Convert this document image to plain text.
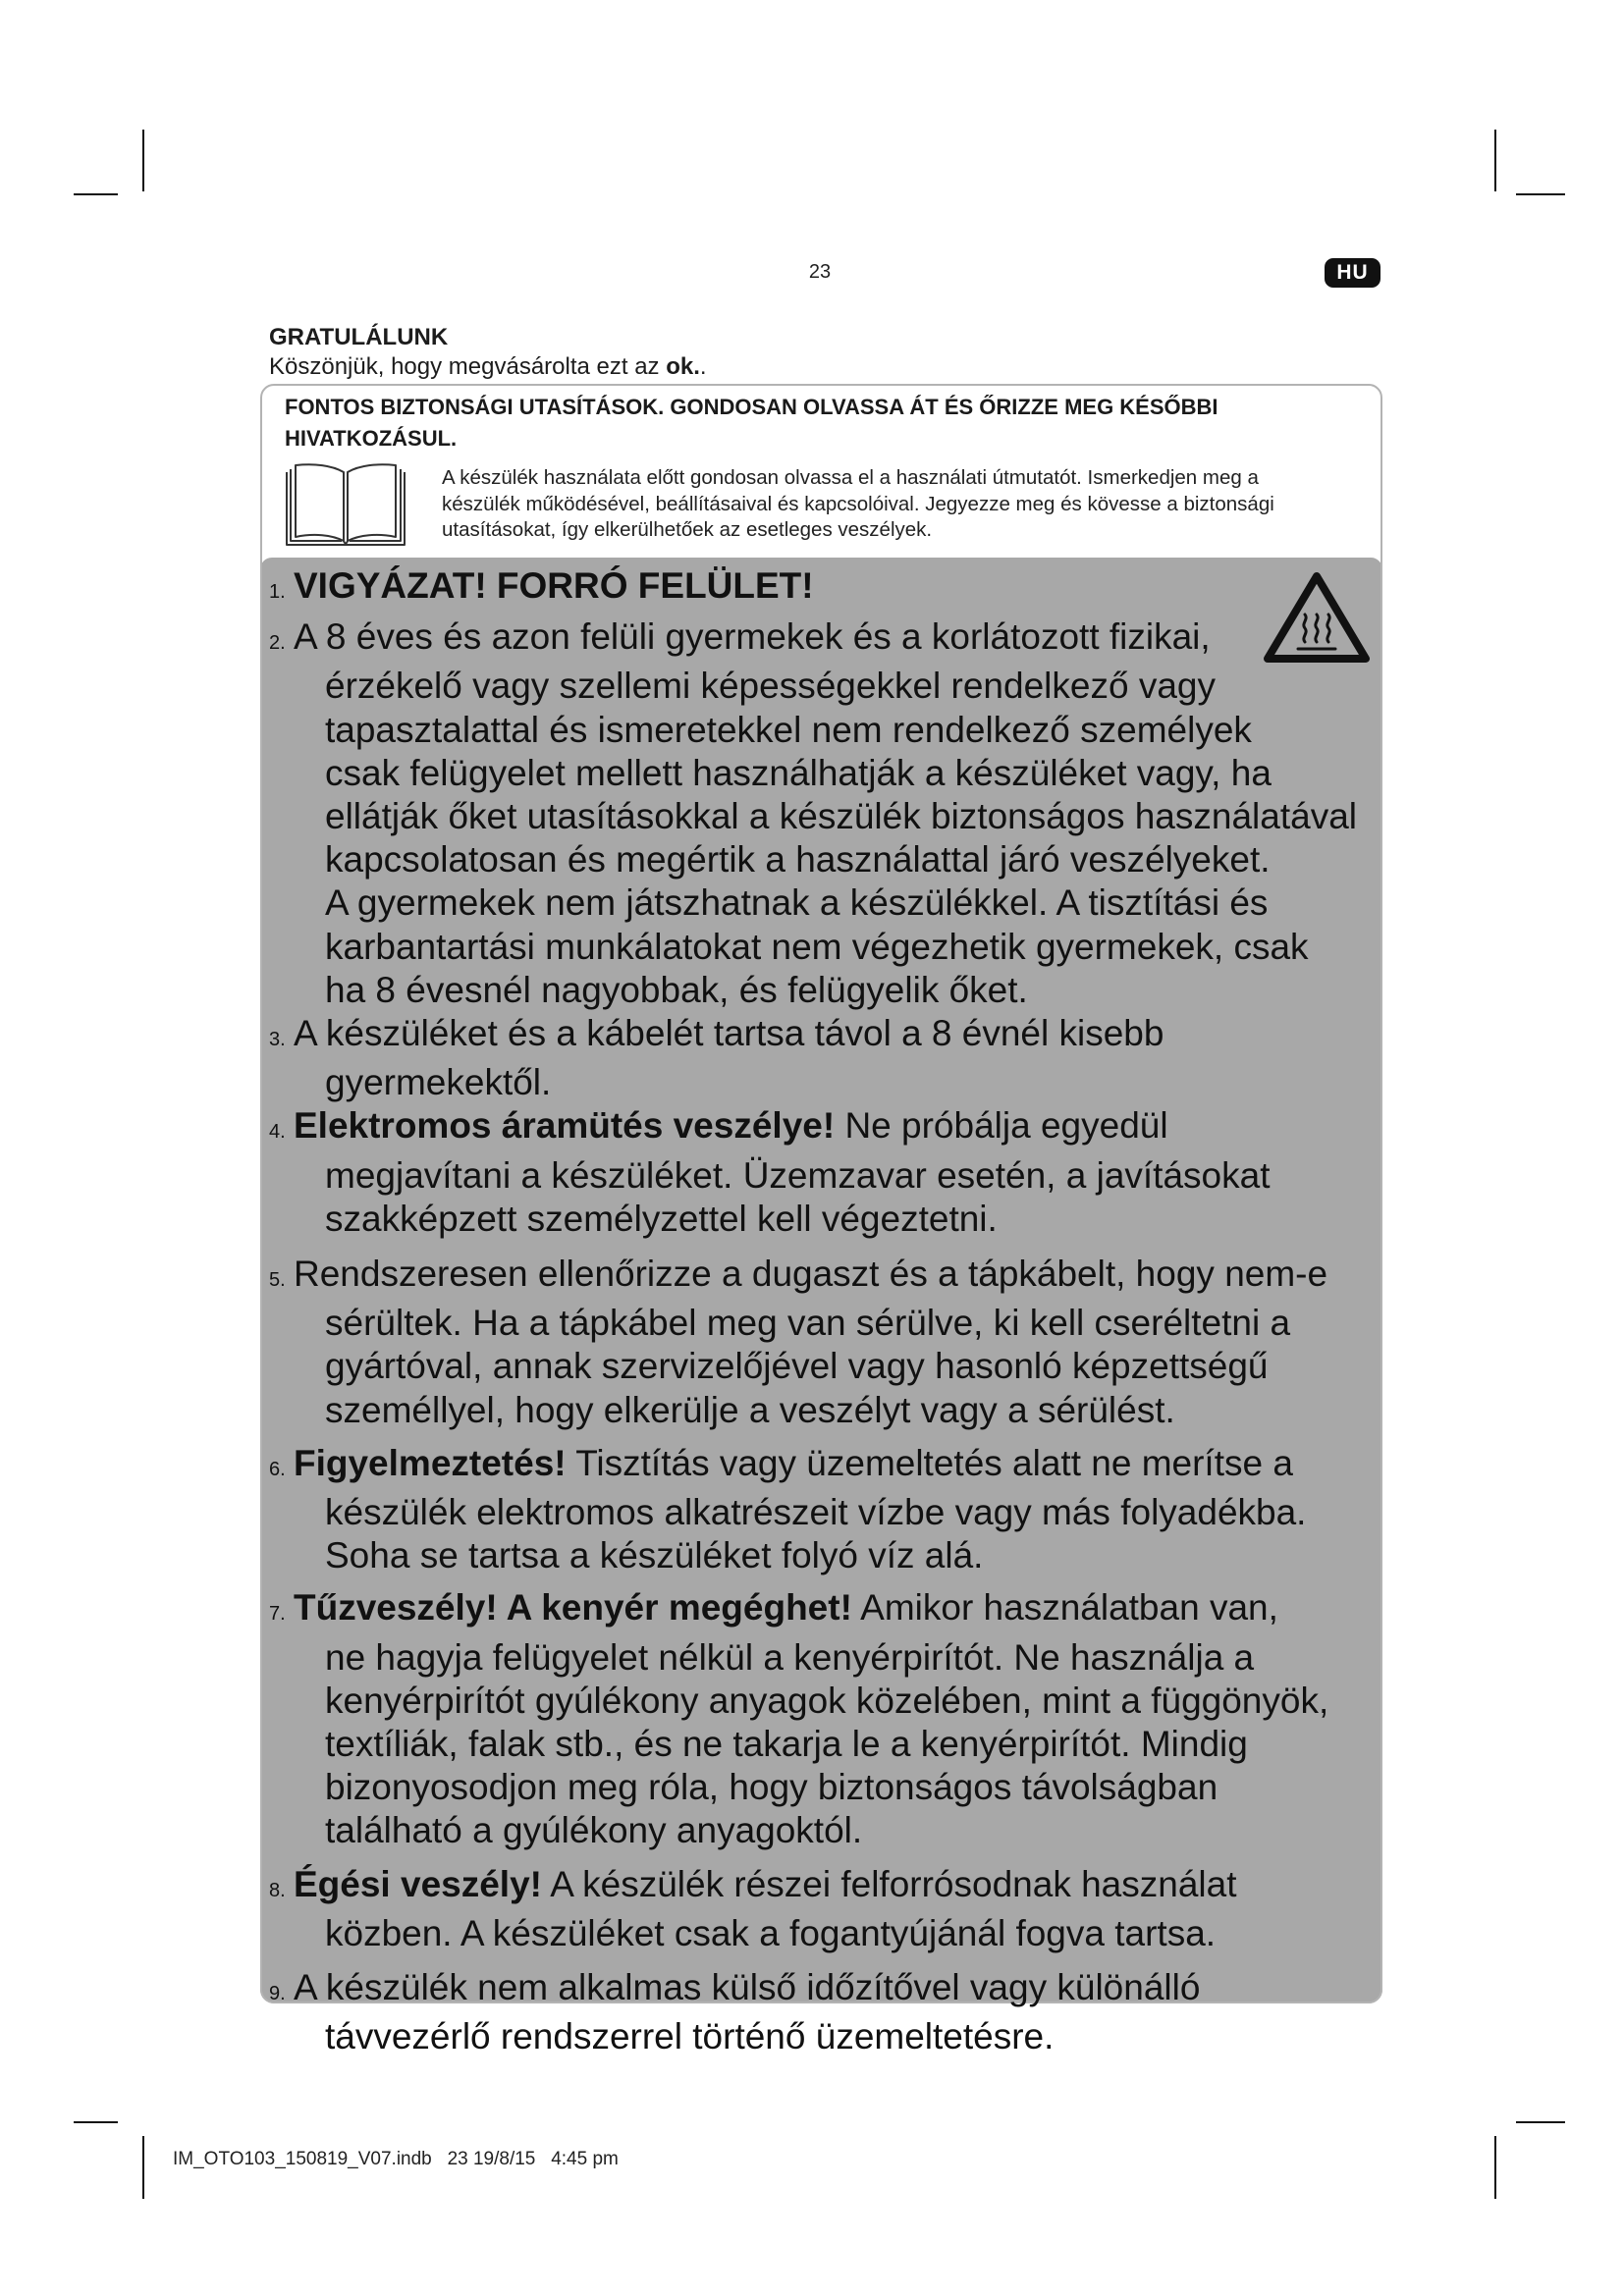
23	HU
GRATULÁLUNK
Köszönjük, hogy megvásárolta ezt az ok..
FONTOS BIZTONSÁGI UTASÍTÁSOK. GONDOSAN OLVASSA ÁT ÉS ŐRIZZE MEG KÉSŐBBI
HIVATKOZÁSUL.
A készülék használata előtt gondosan olvassa el a használati útmutatót. Ismerkedjen meg a
készülék működésével, beállításaival és kapcsolóival. Jegyezze meg és kövesse a biztonsági
utasításokat, így elkerülhetőek az esetleges veszélyek.
1. VIGYÁZAT! FORRÓ FELÜLET!
2. A 8 éves és azon felüli gyermekek és a korlátozott fizikai,
érzékelő vagy szellemi képességekkel rendelkező vagy
tapasztalattal és ismeretekkel nem rendelkező személyek
csak felügyelet mellett használhatják a készüléket vagy, ha
ellátják őket utasításokkal a készülék biztonságos használatával
kapcsolatosan és megértik a használattal járó veszélyeket.
A gyermekek nem játszhatnak a készülékkel. A tisztítási és
karbantartási munkálatokat nem végezhetik gyermekek, csak
ha 8 évesnél nagyobbak, és felügyelik őket.
3. A készüléket és a kábelét tartsa távol a 8 évnél kisebb
gyermekektől.
4. Elektromos áramütés veszélye! Ne próbálja egyedül
megjavítani a készüléket. Üzemzavar esetén, a javításokat
szakképzett személyzettel kell végeztetni.
5. Rendszeresen ellenőrizze a dugaszt és a tápkábelt, hogy nem-e
sérültek. Ha a tápkábel meg van sérülve, ki kell cseréltetni a
gyártóval, annak szervizelőjével vagy hasonló képzettségű
személlyel, hogy elkerülje a veszélyt vagy a sérülést.
6. Figyelmeztetés! Tisztítás vagy üzemeltetés alatt ne merítse a
készülék elektromos alkatrészeit vízbe vagy más folyadékba.
Soha se tartsa a készüléket folyó víz alá.
7. Tűzveszély! A kenyér megéghet! Amikor használatban van,
ne hagyja felügyelet nélkül a kenyérpirítót. Ne használja a
kenyérpirítót gyúlékony anyagok közelében, mint a függönyök,
textíliák, falak stb., és ne takarja le a kenyérpirítót. Mindig
bizonyosodjon meg róla, hogy biztonságos távolságban
található a gyúlékony anyagoktól.
8. Égési veszély! A készülék részei felforrósodnak használat
közben. A készüléket csak a fogantyújánál fogva tartsa.
9. A készülék nem alkalmas külső időzítővel vagy különálló
távvezérlő rendszerrel történő üzemeltetésre.
IM_OTO103_150819_V07.indb   23 19/8/15   4:45 pm
